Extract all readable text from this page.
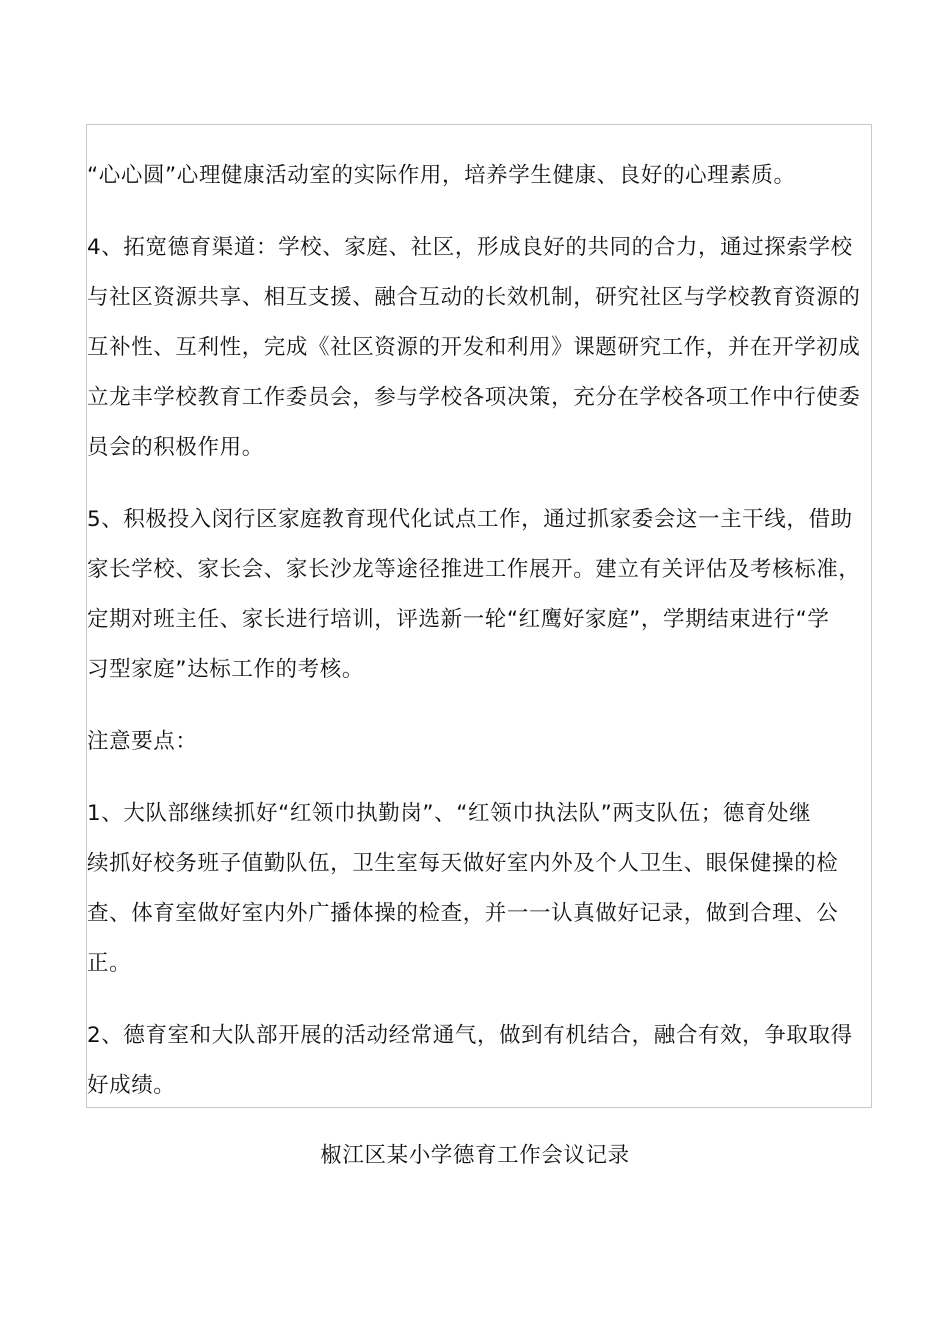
“心心圆”心理健康活动室的实际作用，培养学生健康、良好的心理素质。

4、拓宽德育渠道：学校、家庭、社区，形成良好的共同的合力，通过探索学校
与社区资源共享、相互支援、融合互动的长效机制，研究社区与学校教育资源的
互补性、互利性，完成《社区资源的开发和利用》课题研究工作，并在开学初成
立龙丰学校教育工作委员会，参与学校各项决策，充分在学校各项工作中行使委
员会的积极作用。

5、积极投入闵行区家庭教育现代化试点工作，通过抓家委会这一主干线，借助
家长学校、家长会、家长沙龙等途径推进工作展开。建立有关评估及考核标准，
定期对班主任、家长进行培训，评选新一轮“红鹰好家庭”，学期结束进行“学
习型家庭”达标工作的考核。

注意要点：

1、大队部继续抓好“红领巾执勤岗”、“红领巾执法队”两支队伍；德育处继
续抓好校务班子值勤队伍，卫生室每天做好室内外及个人卫生、眼保健操的检
查、体育室做好室内外广播体操的检查，并一一认真做好记录，做到合理、公
正。

2、德育室和大队部开展的活动经常通气，做到有机结合，融合有效，争取取得
好成绩。

椒江区某小学德育工作会议记录
